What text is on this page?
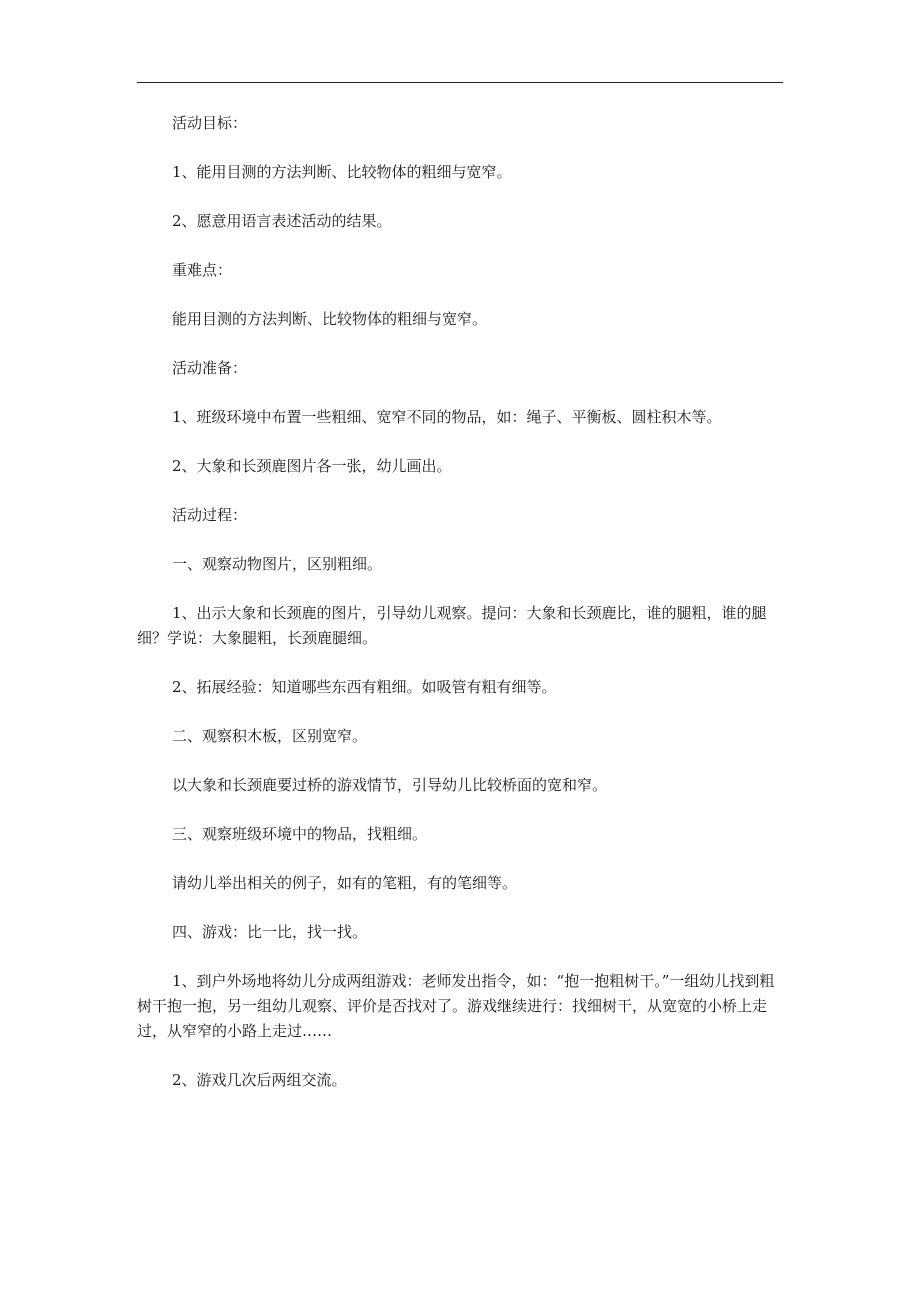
活动目标：

1、能用目测的方法判断、比较物体的粗细与宽窄。

2、愿意用语言表述活动的结果。

重难点：

能用目测的方法判断、比较物体的粗细与宽窄。

活动准备：

1、班级环境中布置一些粗细、宽窄不同的物品，如：绳子、平衡板、圆柱积木等。

2、大象和长颈鹿图片各一张，幼儿画出。

活动过程：

一、观察动物图片，区别粗细。

1、出示大象和长颈鹿的图片，引导幼儿观察。提问：大象和长颈鹿比，谁的腿粗，谁的腿细？学说：大象腿粗，长颈鹿腿细。

2、拓展经验：知道哪些东西有粗细。如吸管有粗有细等。

二、观察积木板，区别宽窄。

以大象和长颈鹿要过桥的游戏情节，引导幼儿比较桥面的宽和窄。

三、观察班级环境中的物品，找粗细。

请幼儿举出相关的例子，如有的笔粗，有的笔细等。

四、游戏：比一比，找一找。

1、到户外场地将幼儿分成两组游戏：老师发出指令，如：“抱一抱粗树干。”一组幼儿找到粗树干抱一抱，另一组幼儿观察、评价是否找对了。游戏继续进行：找细树干，从宽宽的小桥上走过，从窄窄的小路上走过……

2、游戏几次后两组交流。
